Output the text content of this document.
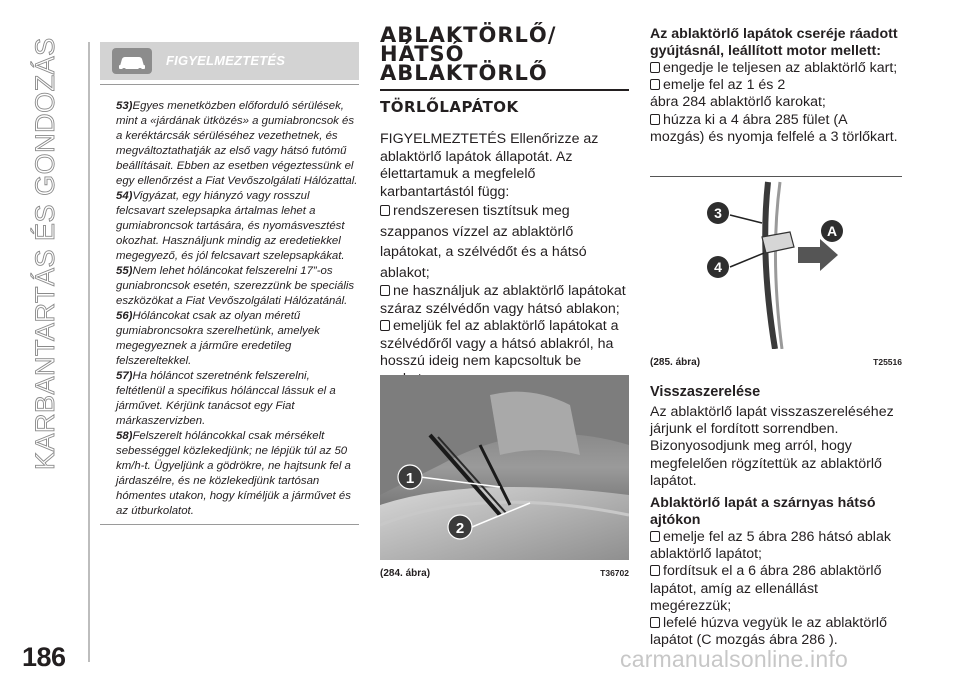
KARBANTARTÁS ÉS GONDOZÁS
186
FIGYELMEZTETÉS

53)Egyes menetközben előforduló sérülések, mint a «járdának ütközés» a gumiabroncsok és a keréktárcsák sérüléséhez vezethetnek, és megváltoztathatják az első vagy hátsó futómű beállításait. Ebben az esetben végeztessünk el egy ellenőrzést a Fiat Vevőszolgálati Hálózattal.

54)Vigyázat, egy hiányzó vagy rosszul felcsavart szelepsapka ártalmas lehet a gumiabroncsok tartására, és nyomásvesztést okozhat. Használjunk mindig az eredetiekkel megegyező, és jól felcsavart szelepsapkákat.

55)Nem lehet hóláncokat felszerelni 17”-os guniabroncsok esetén, szerezzünk be speciális eszközökat a Fiat Vevőszolgálati Hálózatánál.

56)Hóláncokat csak az olyan méretű gumiabroncsokra szerelhetünk, amelyek megegyeznek a járműre eredetileg felszereltekkel.

57)Ha hóláncot szeretnénk felszerelni, feltétlenül a specifikus hólánccal lássuk el a járművet. Kérjünk tanácsot egy Fiat márkaszervizben.

58)Felszerelt hóláncokkal csak mérsékelt sebességgel közlekedjünk; ne lépjük túl az 50 km/h-t. Ügyeljünk a gödrökre, ne hajtsunk fel a járdaszélre, és ne közlekedjünk tartósan hómentes utakon, hogy kíméljük a járművet és az útburkolatot.

ABLAKTÖRLŐ/
HÁTSÓ
ABLAKTÖRLŐ
TÖRLŐLAPÁTOK
FIGYELMEZTETÉS Ellenőrizze az ablaktörlő lapátok állapotát. Az élettartamuk a megfelelő karbantartástól függ:
rendszeresen tisztítsuk meg szappanos vízzel az ablaktörlő lapátokat, a szélvédőt és a hátsó ablakot;
ne használjuk az ablaktörlő lapátokat száraz szélvédőn vagy hátsó ablakon;
emeljük fel az ablaktörlő lapátokat a szélvédőről vagy a hátsó ablakról, ha hosszú ideig nem kapcsoltuk be
1
2
(284. ábra)	T36702
Az ablaktörlő lapátok cseréje ráadott gyújtásnál, leállított motor mellett:
engedje le teljesen az ablaktörlő kart;
emelje fel az 1 és 2
ábra 284 ablaktörlő karokat;
húzza ki a 4 ábra 285 fület (A
mozgás) és nyomja felfelé a 3 törlőkart.
3
4
A
(285. ábra)	T25516
Visszaszerelése
Az ablaktörlő lapát visszaszereléséhez járjunk el fordított sorrendben. Bizonyosodjunk meg arról, hogy megfelelően rögzítettük az ablaktörlő lapátot.
Ablaktörlő lapát a szárnyas hátsó ajtókon
emelje fel az 5 ábra 286 hátsó ablak
ablaktörlő lapátot;
fordítsuk el a 6 ábra 286 ablaktörlő
lapátot, amíg az ellenállást megérezzük;
lefelé húzva vegyük le az ablaktörlő
lapátot (C mozgás ábra 286 ).
carmanualsonline.info
